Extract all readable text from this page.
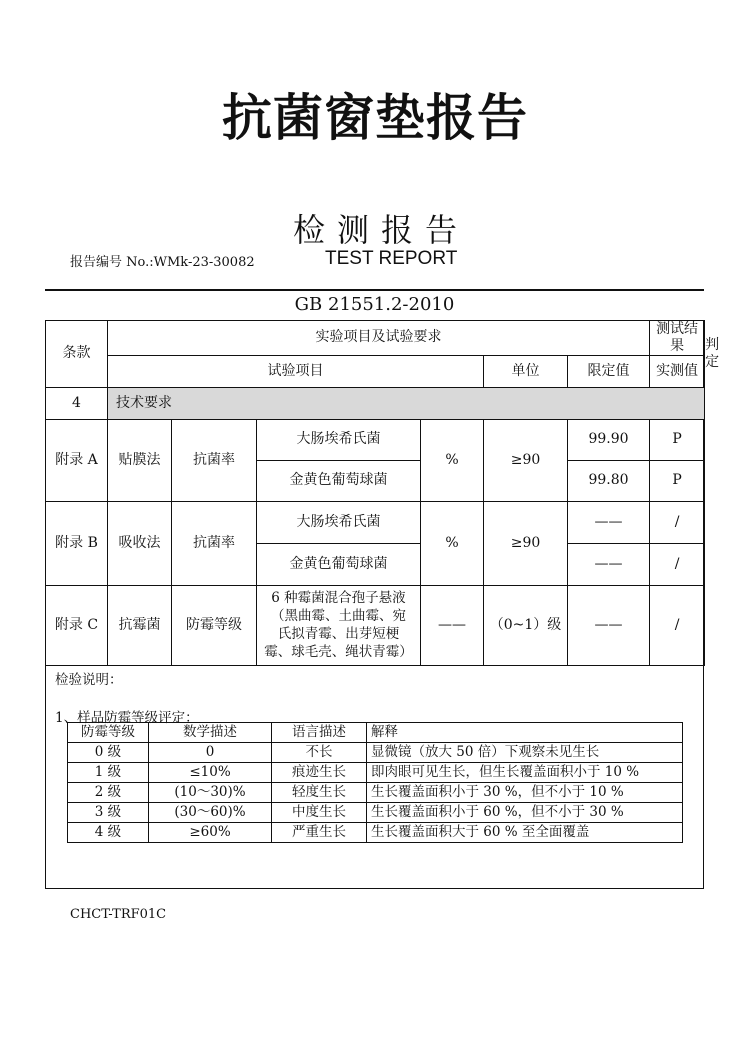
抗菌窗垫报告
检测报告
报告编号 No.:WMk-23-30082	TEST REPORT
GB 21551.2-2010
条款	实验项目及试验要求						测试结果	判定
	试验项目				单位	限定值	实测值	
4	技术要求							
附录 A	贴膜法	抗菌率	大肠埃希氏菌	%	≥90	99.90	P	
			金黄色葡萄球菌			99.80	P	
附录 B	吸收法	抗菌率	大肠埃希氏菌	%	≥90	——	/	
			金黄色葡萄球菌			——	/	
附录 C	抗霉菌	防霉等级	6 种霉菌混合孢子悬液
（黑曲霉、土曲霉、宛
氏拟青霉、出芽短梗
霉、球毛壳、绳状青霉）	——	（0~1）级	——	/	
检验说明：
1、样品防霉等级评定：
防霉等级	数学描述	语言描述	解释
0 级	0	不长	显微镜（放大 50 倍）下观察未见生长
1 级	≤10%	痕迹生长	即肉眼可见生长，但生长覆盖面积小于 10 %
2 级	(10～30)%	轻度生长	生长覆盖面积小于 30 %，但不小于 10 %
3 级	(30～60)%	中度生长	生长覆盖面积小于 60 %，但不小于 30 %
4 级	≥60%	严重生长	生长覆盖面积大于 60 % 至全面覆盖
CHCT-TRF01C
